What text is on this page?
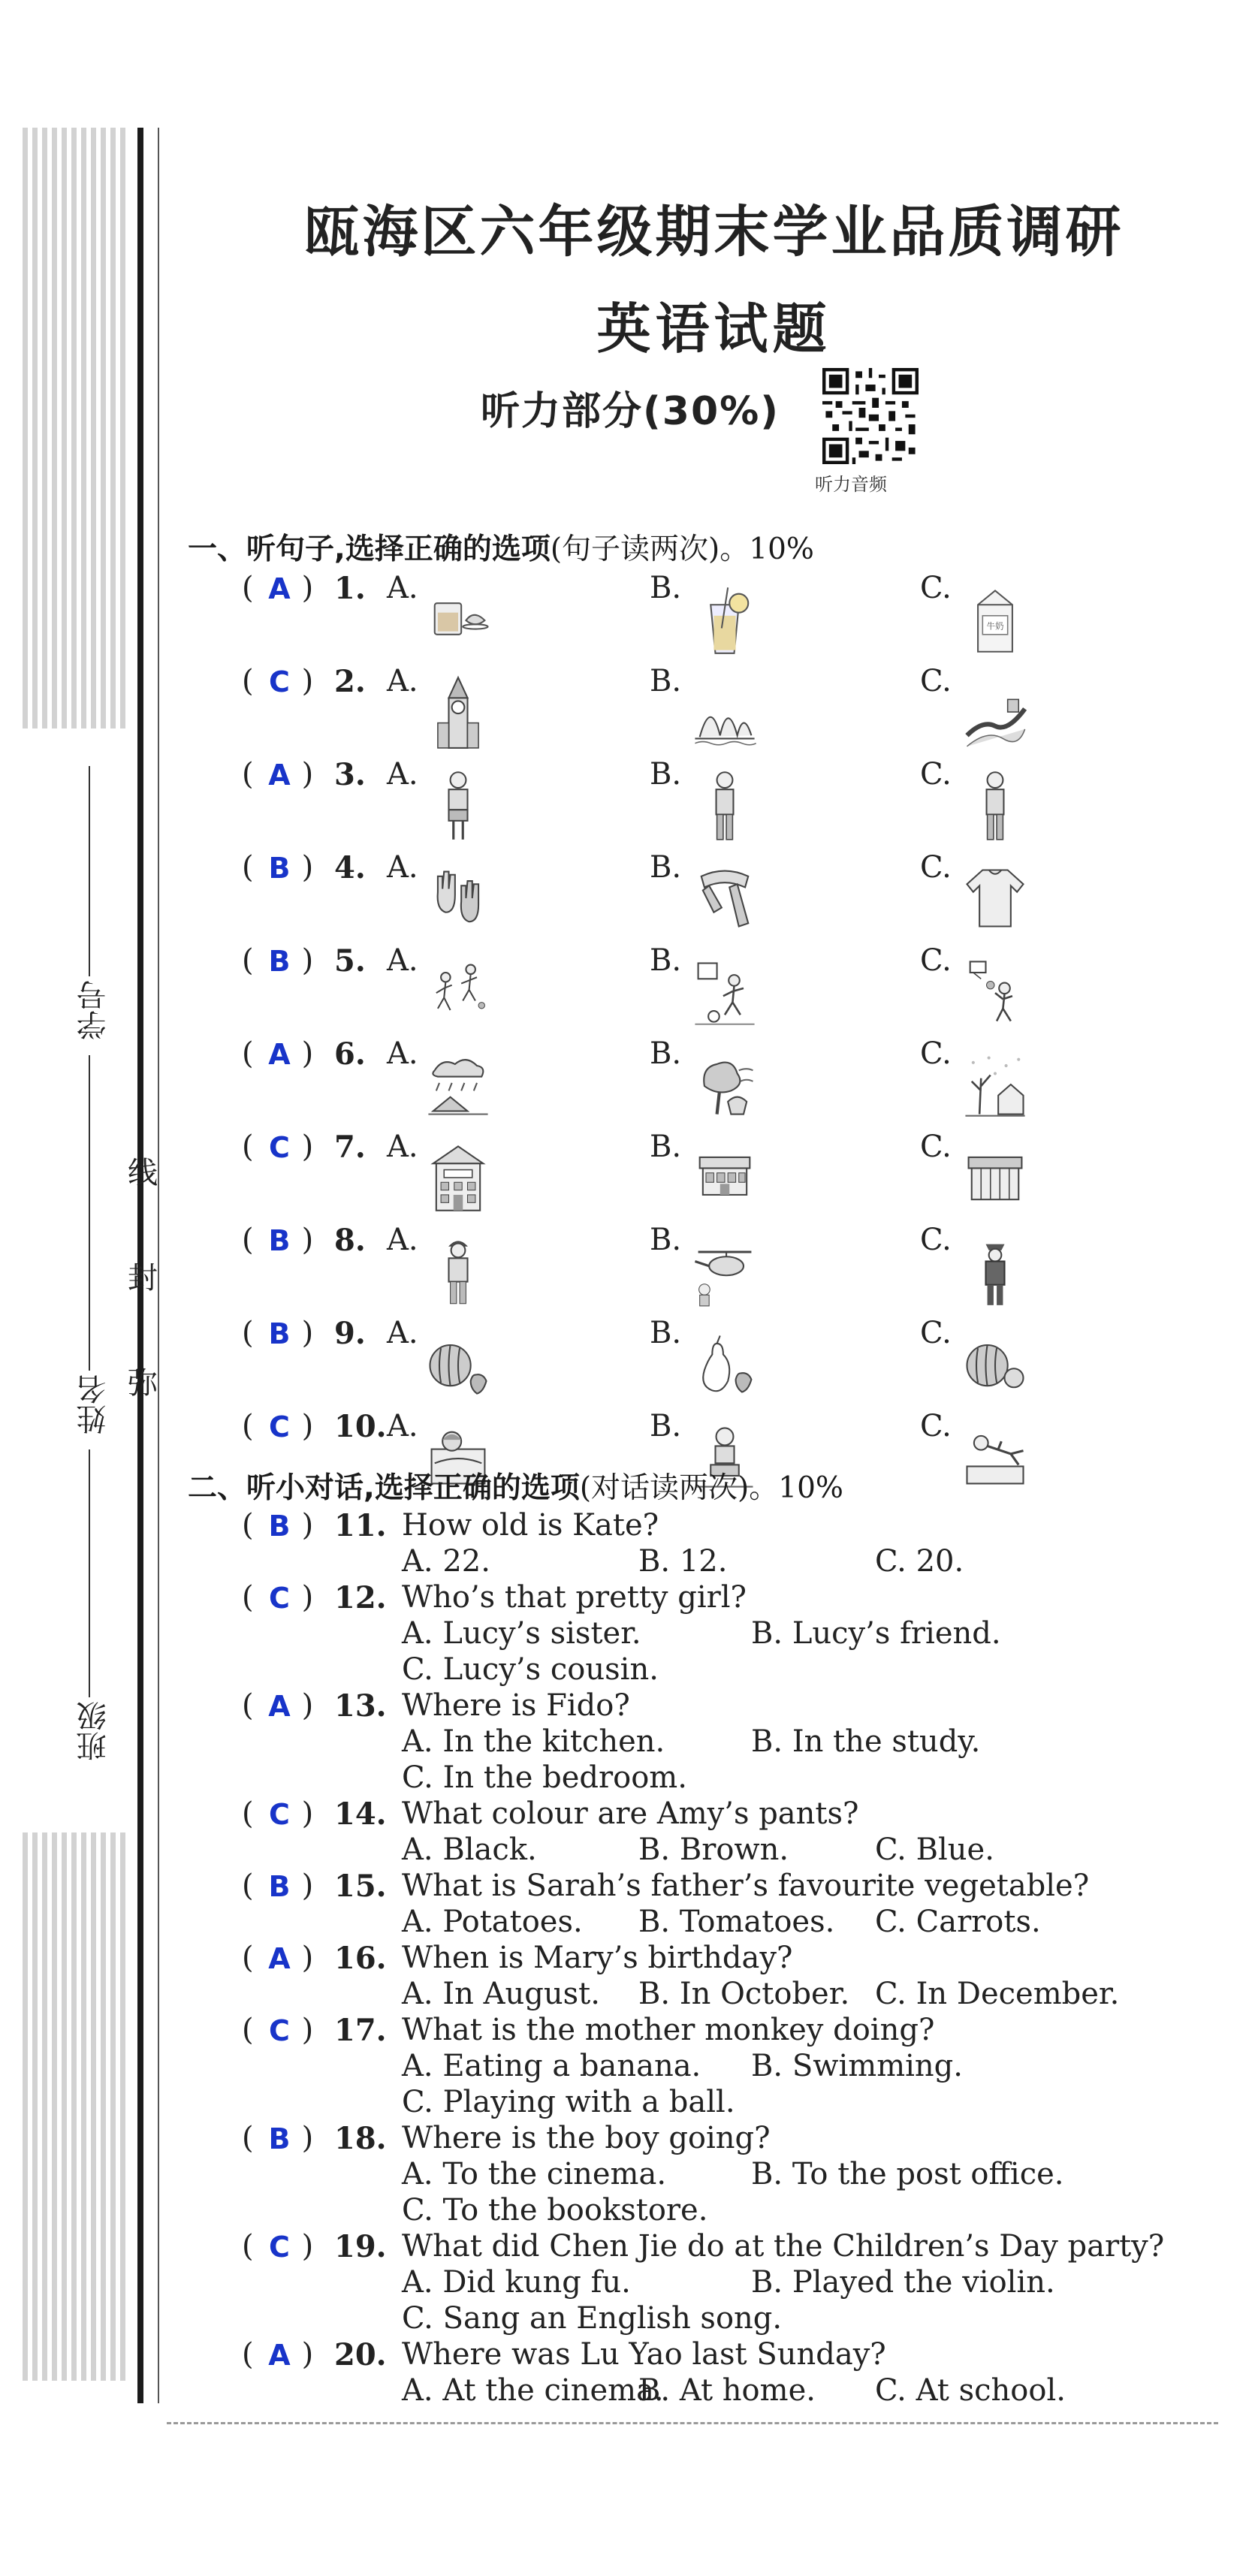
学号
姓名
班级
线
封
弥
瓯海区六年级期末学业品质调研
英语试题
听力部分(30%)
听力音频
一、听句子,选择正确的选项(句子读两次)。10%
( )
A 1. A.	B.	C.
牛奶
( )
C 2. A.	B.	C.
( )
A 3. A.	B.	C.
( )
B 4. A.	B.	C.
( )
B 5. A.	B.	C.
( )
A 6. A.	B.	C.
( )
C 7. A.	B.	C.
( )
B 8. A.	B.	C.
( )
B 9. A.	B.	C.
( )
C 10. A.	B.	C.
二、听小对话,选择正确的选项(对话读两次)。10%
( )
B 11. How old is Kate?
A. 22.	B. 12.	C. 20.
( )
C 12. Who’s that pretty girl?
A. Lucy’s sister.	B. Lucy’s friend.
C. Lucy’s cousin.
( )
A 13. Where is Fido?
A. In the kitchen.	B. In the study.
C. In the bedroom.
( )
C 14. What colour are Amy’s pants?
A. Black.	B. Brown.	C. Blue.
( )
B 15. What is Sarah’s father’s favourite vegetable?
A. Potatoes. B. Tomatoes. C. Carrots.
( )
A 16. When is Mary’s birthday?
A. In August. B. In October. C. In December.
( )
C 17. What is the mother monkey doing?
A. Eating a banana. B. Swimming.
C. Playing with a ball.
( )
B 18. Where is the boy going?
A. To the cinema.	B. To the post office.
C. To the bookstore.
( )
C 19. What did Chen Jie do at the Children’s Day party?
A. Did kung fu.	B. Played the violin.
C. Sang an English song.
( )
A 20. Where was Lu Yao last Sunday?
A. At the cinema.
B. At home. C. At school.
